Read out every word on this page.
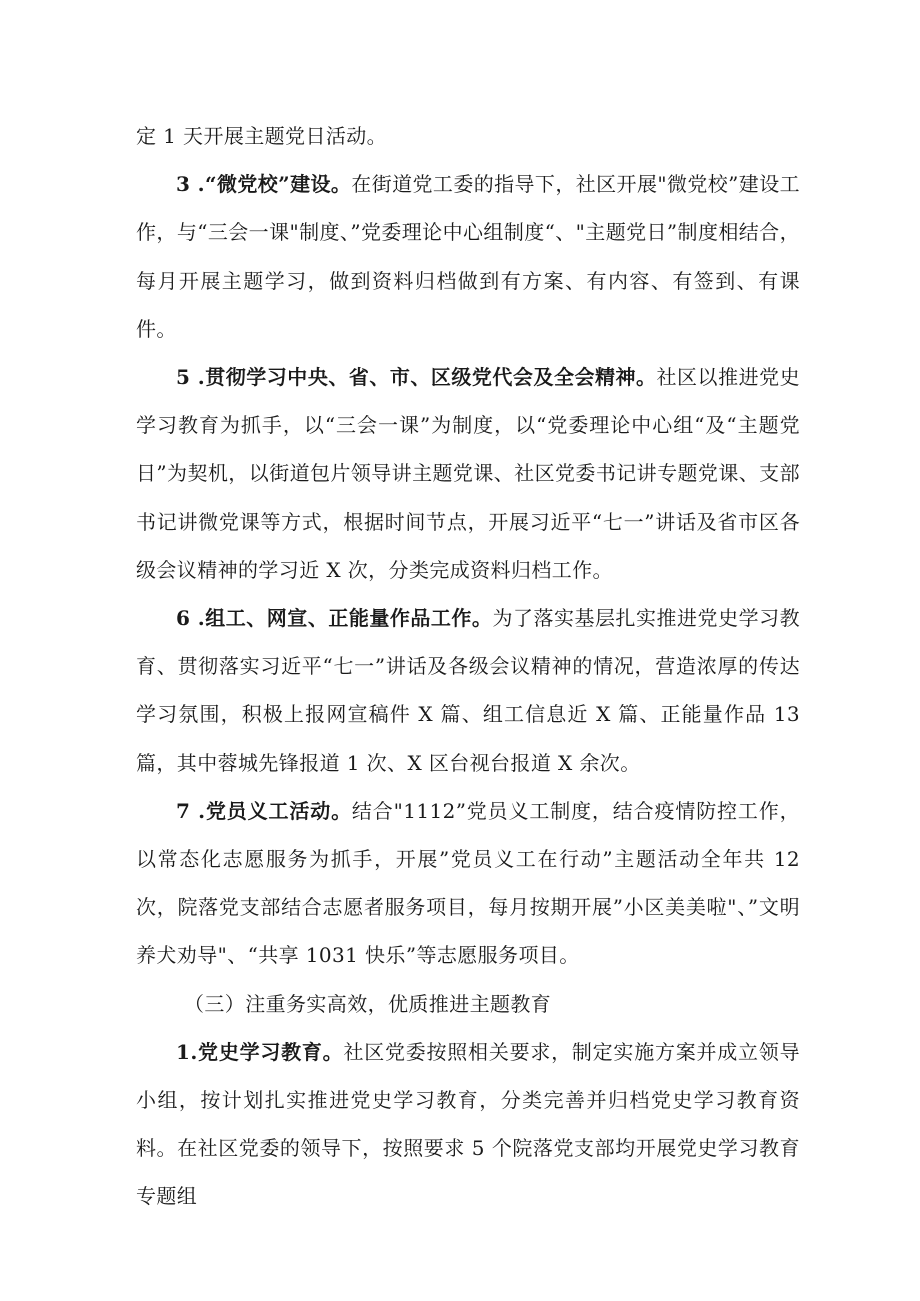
定 1 天开展主题党日活动。

3 .“微党校”建设。在街道党工委的指导下，社区开展"微党校”建设工作，与“三会一课"制度、”党委理论中心组制度“、"主题党日”制度相结合，每月开展主题学习，做到资料归档做到有方案、有内容、有签到、有课件。

5 .贯彻学习中央、省、市、区级党代会及全会精神。社区以推进党史学习教育为抓手，以“三会一课”为制度，以“党委理论中心组“及“主题党日”为契机，以街道包片领导讲主题党课、社区党委书记讲专题党课、支部书记讲微党课等方式，根据时间节点，开展习近平“七一”讲话及省市区各级会议精神的学习近 X 次，分类完成资料归档工作。

6 .组工、网宣、正能量作品工作。为了落实基层扎实推进党史学习教育、贯彻落实习近平“七一”讲话及各级会议精神的情况，营造浓厚的传达学习氛围，积极上报网宣稿件 X 篇、组工信息近 X 篇、正能量作品 13 篇，其中蓉城先锋报道 1 次、X 区台视台报道 X 余次。

7 .党员义工活动。结合"1112”党员义工制度，结合疫情防控工作，以常态化志愿服务为抓手，开展”党员义工在行动”主题活动全年共 12 次，院落党支部结合志愿者服务项目，每月按期开展”小区美美啦"、”文明养犬劝导"、“共享 1031 快乐”等志愿服务项目。

（三）注重务实高效，优质推进主题教育

1.党史学习教育。社区党委按照相关要求，制定实施方案并成立领导小组，按计划扎实推进党史学习教育，分类完善并归档党史学习教育资料。在社区党委的领导下，按照要求 5 个院落党支部均开展党史学习教育专题组
